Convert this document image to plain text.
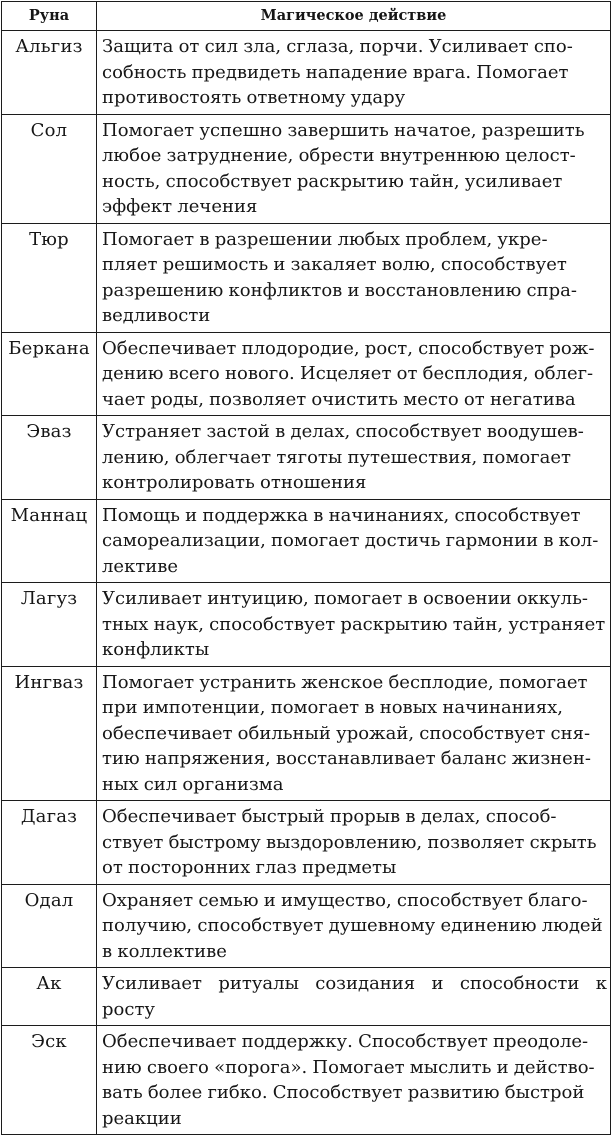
Руна	Магическое действие
Альгиз	Защита от сил зла, сглаза, порчи. Усиливает спо-
собность предвидеть нападение врага. Помогает
противостоять ответному удару
Сол	Помогает успешно завершить начатое, разрешить
любое затруднение, обрести внутреннюю целост-
ность, способствует раскрытию тайн, усиливает
эффект лечения
Тюр	Помогает в разрешении любых проблем, укре-
пляет решимость и закаляет волю, способствует
разрешению конфликтов и восстановлению спра-
ведливости
Беркана	Обеспечивает плодородие, рост, способствует рож-
дению всего нового. Исцеляет от бесплодия, облег-
чает роды, позволяет очистить место от негатива
Эваз	Устраняет застой в делах, способствует воодушев-
лению, облегчает тяготы путешествия, помогает
контролировать отношения
Маннац	Помощь и поддержка в начинаниях, способствует
самореализации, помогает достичь гармонии в кол-
лективе
Лагуз	Усиливает интуицию, помогает в освоении оккуль-
тных наук, способствует раскрытию тайн, устраняет
конфликты
Ингваз	Помогает устранить женское бесплодие, помогает
при импотенции, помогает в новых начинаниях,
обеспечивает обильный урожай, способствует сня-
тию напряжения, восстанавливает баланс жизнен-
ных сил организма
Дагаз	Обеспечивает быстрый прорыв в делах, способ-
ствует быстрому выздоровлению, позволяет скрыть
от посторонних глаз предметы
Одал	Охраняет семью и имущество, способствует благо-
получию, способствует душевному единению людей
в коллективе
Ак	Усиливает ритуалы созидания и способности к росту
Эск	Обеспечивает поддержку. Способствует преодоле-
нию своего «порога». Помогает мыслить и действо-
вать более гибко. Способствует развитию быстрой
реакции
